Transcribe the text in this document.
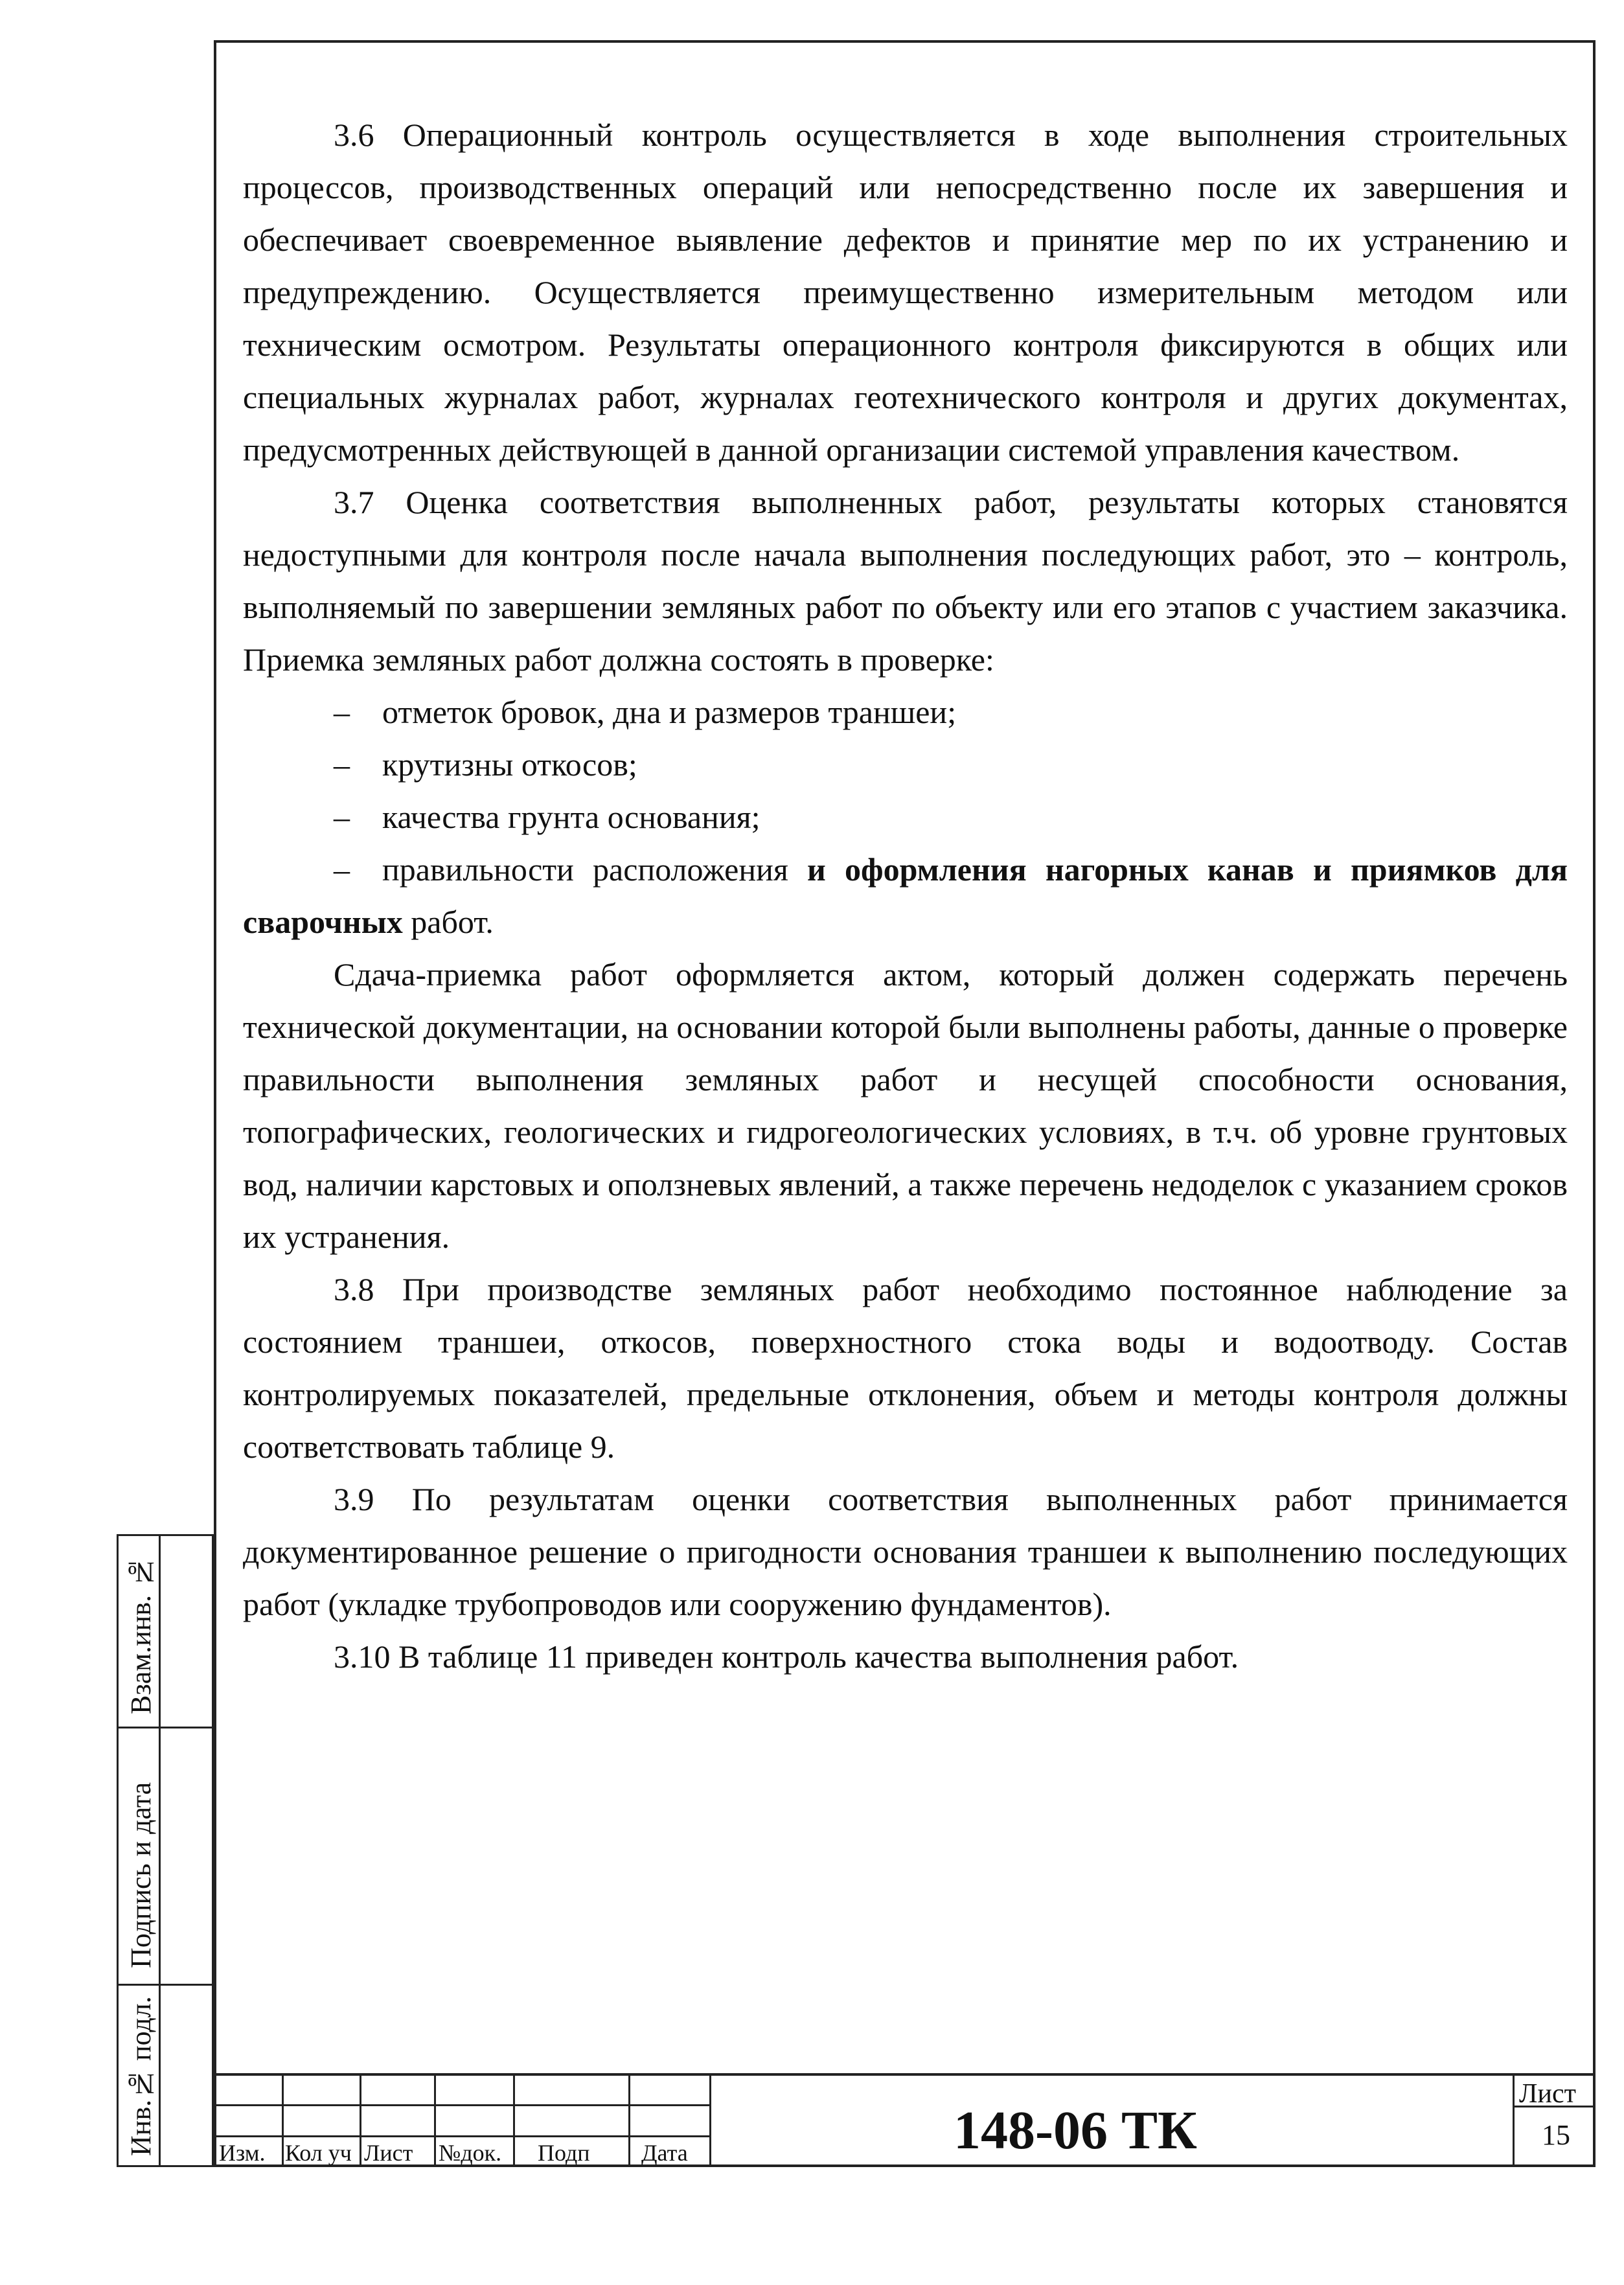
3.6 Операционный контроль осуществляется в ходе выполнения строительных процессов, производственных операций или непосредственно после их завершения и обеспечивает своевременное выявление дефектов и принятие мер по их устранению и предупреждению. Осуществляется преимущественно измерительным методом или техническим осмотром. Результаты операционного контроля фиксируются в общих или специальных журналах работ, журналах геотехнического контроля и других документах, предусмотренных действующей в данной организации системой управления качеством.

3.7 Оценка соответствия выполненных работ, результаты которых становятся недоступными для контроля после начала выполнения последующих работ, это – контроль, выполняемый по завершении земляных работ по объекту или его этапов с участием заказчика. Приемка земляных работ должна состоять в проверке:

– отметок бровок, дна и размеров траншеи;

– крутизны откосов;

– качества грунта основания;

– правильности расположения и оформления нагорных канав и приямков для сварочных работ.

Сдача-приемка работ оформляется актом, который должен содержать перечень технической документации, на основании которой были выполнены работы, данные о проверке правильности выполнения земляных работ и несущей способности основания, топографических, геологических и гидрогеологических условиях, в т.ч. об уровне грунтовых вод, наличии карстовых и оползневых явлений, а также перечень недоделок с указанием сроков их устранения.

3.8 При производстве земляных работ необходимо постоянное наблюдение за состоянием траншеи, откосов, поверхностного стока воды и водоотводу. Состав контролируемых показателей, предельные отклонения, объем и методы контроля должны соответствовать таблице 9.

3.9 По результатам оценки соответствия выполненных работ принимается документированное решение о пригодности основания траншеи к выполнению последующих работ (укладке трубопроводов или сооружению фундаментов).

3.10 В таблице 11 приведен контроль качества выполнения работ.

Взам.инв. №
Подпись и дата
Инв.№ подл.	Изм. Кол уч Лист №док. Подп Дата
Лист
15
148-06 ТК
